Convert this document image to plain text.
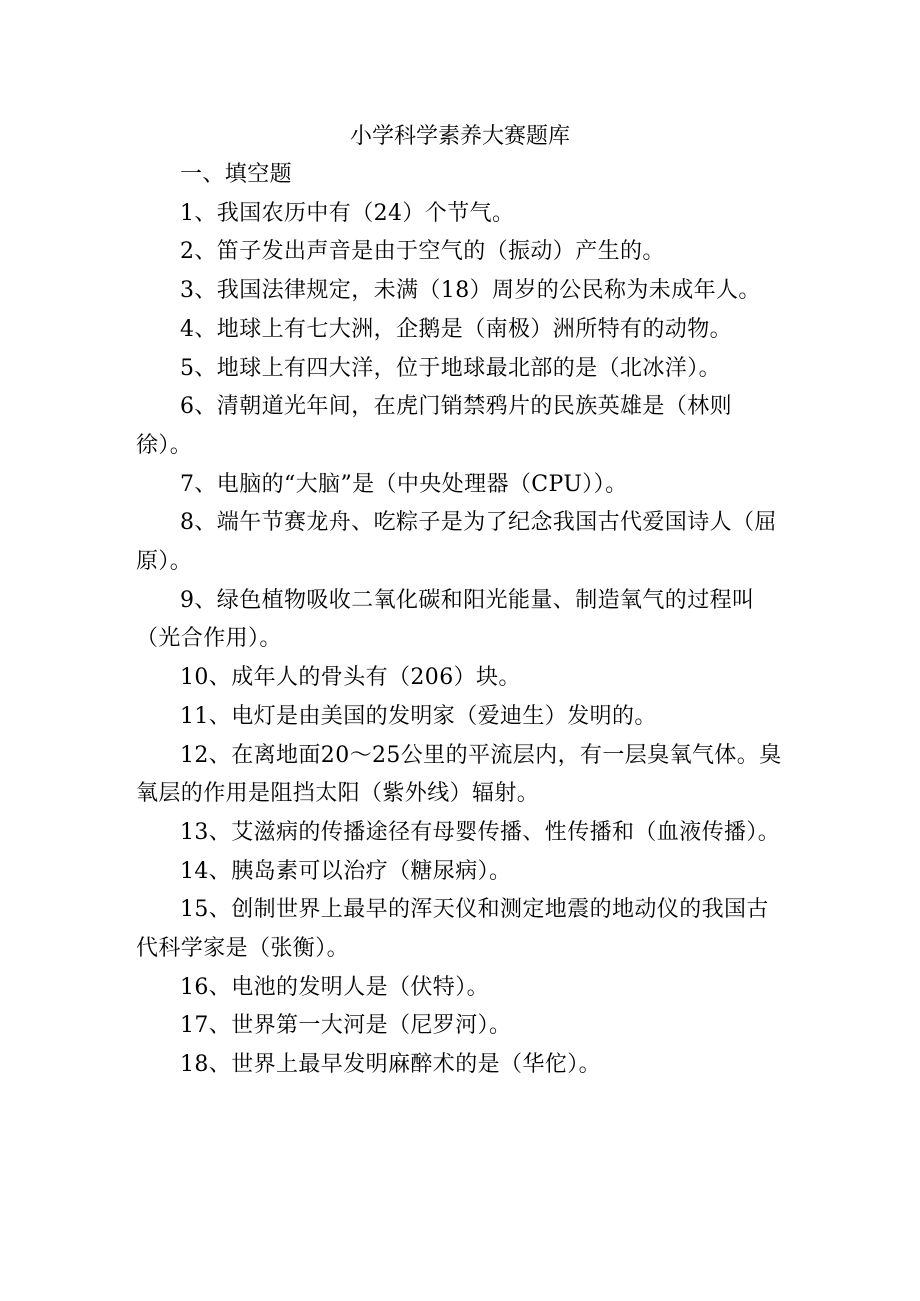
小学科学素养大赛题库

一、填空题

1、我国农历中有（24）个节气。

2、笛子发出声音是由于空气的（振动）产生的。

3、我国法律规定，未满（18）周岁的公民称为未成年人。

4、地球上有七大洲，企鹅是（南极）洲所特有的动物。

5、地球上有四大洋，位于地球最北部的是（北冰洋）。

6、清朝道光年间，在虎门销禁鸦片的民族英雄是（林则徐）。

7、电脑的“大脑”是（中央处理器（CPU））。

8、端午节赛龙舟、吃粽子是为了纪念我国古代爱国诗人（屈原）。

9、绿色植物吸收二氧化碳和阳光能量、制造氧气的过程叫（光合作用）。

10、成年人的骨头有（206）块。

11、电灯是由美国的发明家（爱迪生）发明的。

12、在离地面20～25公里的平流层内，有一层臭氧气体。臭氧层的作用是阻挡太阳（紫外线）辐射。

13、艾滋病的传播途径有母婴传播、性传播和（血液传播）。

14、胰岛素可以治疗（糖尿病）。

15、创制世界上最早的浑天仪和测定地震的地动仪的我国古代科学家是（张衡）。

16、电池的发明人是（伏特）。

17、世界第一大河是（尼罗河）。

18、世界上最早发明麻醉术的是（华佗）。
